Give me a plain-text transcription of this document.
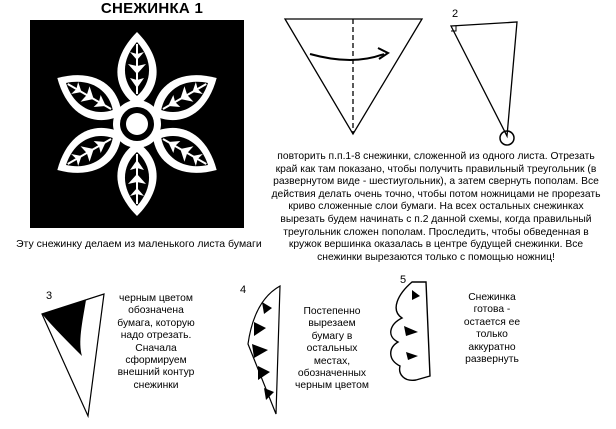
СНЕЖИНКА 1
Эту снежинку делаем из маленького листа бумаги
2
повторить п.п.1-8 снежинки, сложенной из одного листа. Отрезать край как там показано, чтобы получить правильный треугольник (в развернутом виде - шестиугольник), а затем свернуть пополам. Все действия делать очень точно, чтобы потом ножницами не прорезать криво сложенные слои бумаги. На всех остальных снежинках вырезать будем начинать с п.2 данной схемы, когда правильный треугольник сложен пополам. Проследить, чтобы обведенная в кружок вершинка оказалась в центре будущей снежинки. Все снежинки вырезаются только с помощью ножниц!
3	черным цветом обозначена бумага, которую надо отрезать. Сначала сформируем внешний контур снежинки
4
Постепенно вырезаем бумагу в остальных местах, обозначенных черным цветом
5
Снежинка готова - остается ее только аккуратно развернуть
